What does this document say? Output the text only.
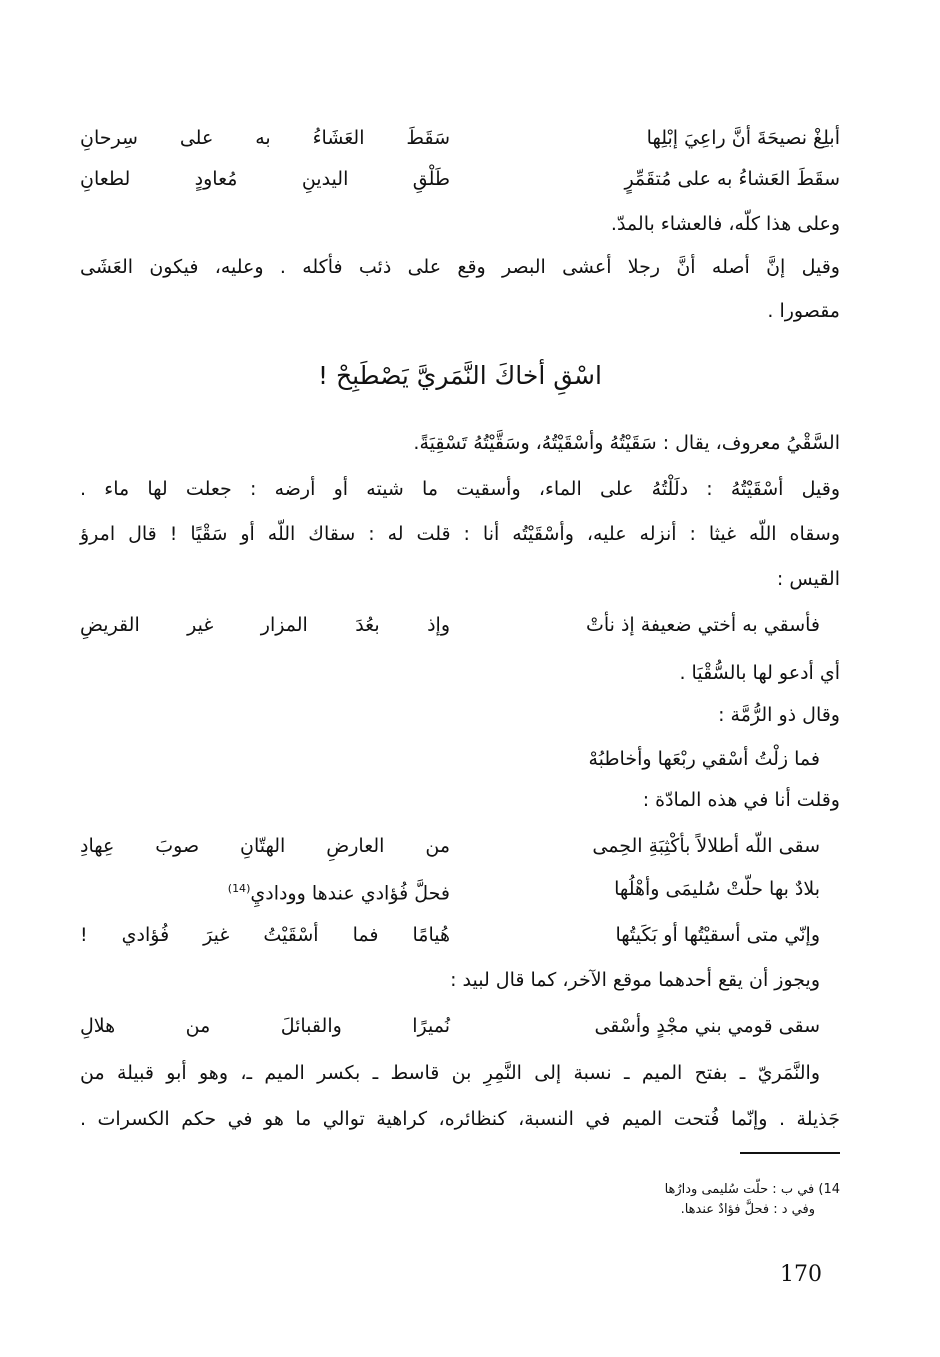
أبلِغْ نصيحَةَ أنَّ راعِيَ إبْلِها
سَقَطَ العَشَاءُ به على سِرحانِ
سقَطَ العَشاءُ به على مُتقَمِّرٍ
طَلْقِ اليدينِ مُعاودٍ لطعانِ
وعلى هذا كلّه، فالعشاء بالمدّ.
وقيل إنَّ أصله أنَّ رجلا أعشى البصر وقع على ذئب فأكله . وعليه، فيكون العَشَى
مقصورا .
اسْقِ أخاكَ النَّمَريَّ يَصْطَبِحْ !
السَّقْيُ معروف، يقال : سَقَيْتُهُ وأسْقَيْتُهُ، وسَقَّيْتُهُ تَسْقِيَةً.
وقيل أسْقَيْتُهُ : دلَلْتُهُ على الماء، وأسقيت ما شيته أو أرضه : جعلت لها ماء .
وسقاه اللّه غيثا : أنزله عليه، وأسْقَيْتُه أنا : قلت له : سقاك اللّه أو سَقْيًا ! قال امرؤ
القيس :
فأسقي به أختي ضعيفة إذ نأتْ
وإذ بعُدَ المزار غير القريضِ
أي أدعو لها بالسُّقْيَا .
وقال ذو الرُّمَّة :
فما زلْتُ أسْقي ربْعَها وأخاطبُهْ
وقلت أنا في هذه المادّة :
سقى اللّه أطلالاً بأكْثِبَةِ الحِمى
من العارضِ الهتّانِ صوبَ عِهادِ
بلادٌ بها حلّتْ سُليمَى وأهْلُها
فحلَّ فُؤادي عندها ووداديِ$^{(14)}$
وإنّي متى أسقيْتُها أو بَكَيتُها
هُيامًا فما أسْقَيْتُ غيرَ فُؤادي !
ويجوز أن يقع أحدهما موقع الآخر، كما قال لبيد :
سقى قومي بني مجْدٍ وأسْقى
نُميرًا والقبائلَ من هلالِ
والنَّمَريّ ـ بفتح الميم ـ نسبة إلى النَّمِرِ بن قاسط ـ بكسر الميم ـ، وهو أبو قبيلة من
جَذيلة . وإنّما فُتحت الميم في النسبة، كنظائره، كراهية توالي ما هو في حكم الكسرات .
14) في ب : حلّت سُليمى ودارُها
وفي د : فحلَّ فؤادٌ عندها.
170
